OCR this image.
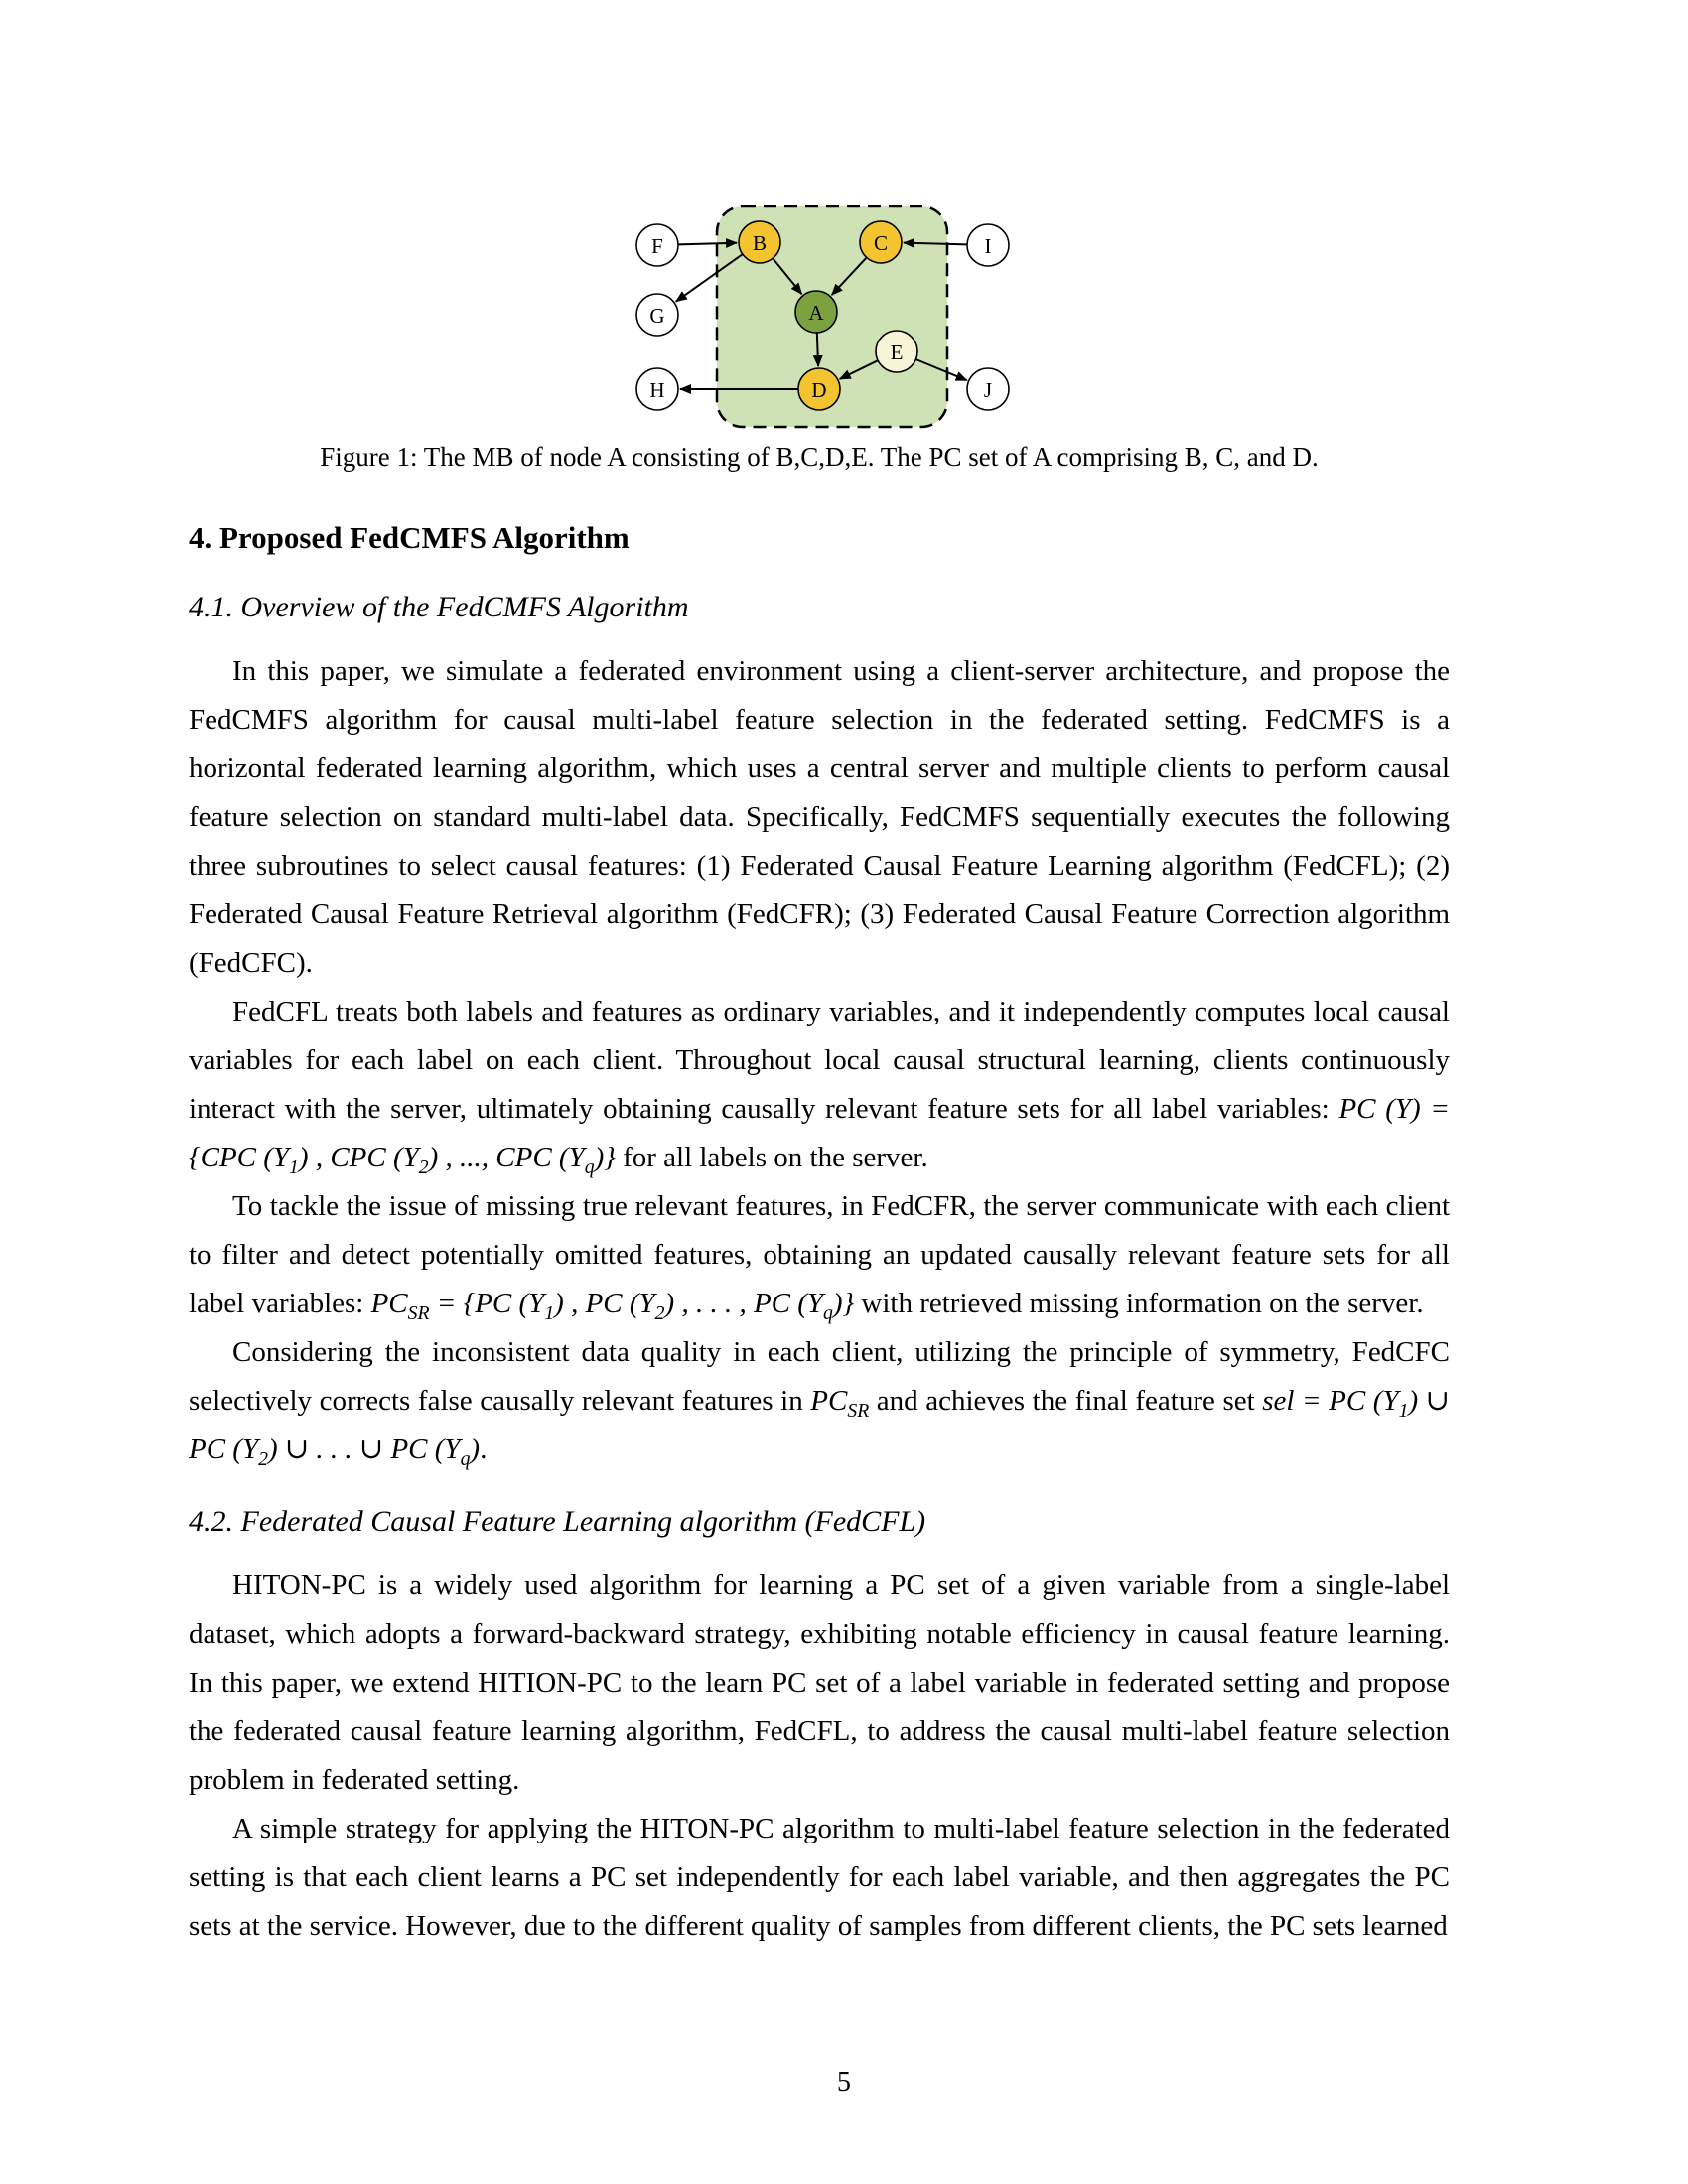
F	B	C	I
G	A
E
H	D	J
Figure 1: The MB of node A consisting of B,C,D,E. The PC set of A comprising B, C, and D.
4. Proposed FedCMFS Algorithm
4.1. Overview of the FedCMFS Algorithm

In this paper, we simulate a federated environment using a client-server architecture, and propose the FedCMFS algorithm for causal multi-label feature selection in the federated setting. FedCMFS is a horizontal federated learning algorithm, which uses a central server and multiple clients to perform causal feature selection on standard multi-label data. Specifically, FedCMFS sequentially executes the following three subroutines to select causal features: (1) Federated Causal Feature Learning algorithm (FedCFL); (2) Federated Causal Feature Retrieval algorithm (FedCFR); (3) Federated Causal Feature Correction algorithm (FedCFC).

FedCFL treats both labels and features as ordinary variables, and it independently computes local causal variables for each label on each client. Throughout local causal structural learning, clients continuously interact with the server, ultimately obtaining causally relevant feature sets for all label variables: PC (Y) = {CPC $(Y_1)$ , CPC $(Y_2)$ , ..., CPC $(Y_q)$} for all labels on the server.

To tackle the issue of missing true relevant features, in FedCFR, the server communicate with each client to filter and detect potentially omitted features, obtaining an updated causally relevant feature sets for all label variables: $PC_{SR} = \{PC$ $(Y_1)$ , PC $(Y_2)$ , . . . , PC $(Y_q)$} with retrieved missing information on the server.

Considering the inconsistent data quality in each client, utilizing the principle of symmetry, FedCFC selectively corrects false causally relevant features in $PC_{SR}$ and achieves the final feature set sel = PC $(Y_1)$ ∪ PC $(Y_2)$ ∪ . . . ∪ PC $(Y_q)$.

4.2. Federated Causal Feature Learning algorithm (FedCFL)

HITON-PC is a widely used algorithm for learning a PC set of a given variable from a single-label dataset, which adopts a forward-backward strategy, exhibiting notable efficiency in causal feature learning. In this paper, we extend HITION-PC to the learn PC set of a label variable in federated setting and propose the federated causal feature learning algorithm, FedCFL, to address the causal multi-label feature selection problem in federated setting.

A simple strategy for applying the HITON-PC algorithm to multi-label feature selection in the federated setting is that each client learns a PC set independently for each label variable, and then aggregates the PC sets at the service. However, due to the different quality of samples from different clients, the PC sets learned

5
